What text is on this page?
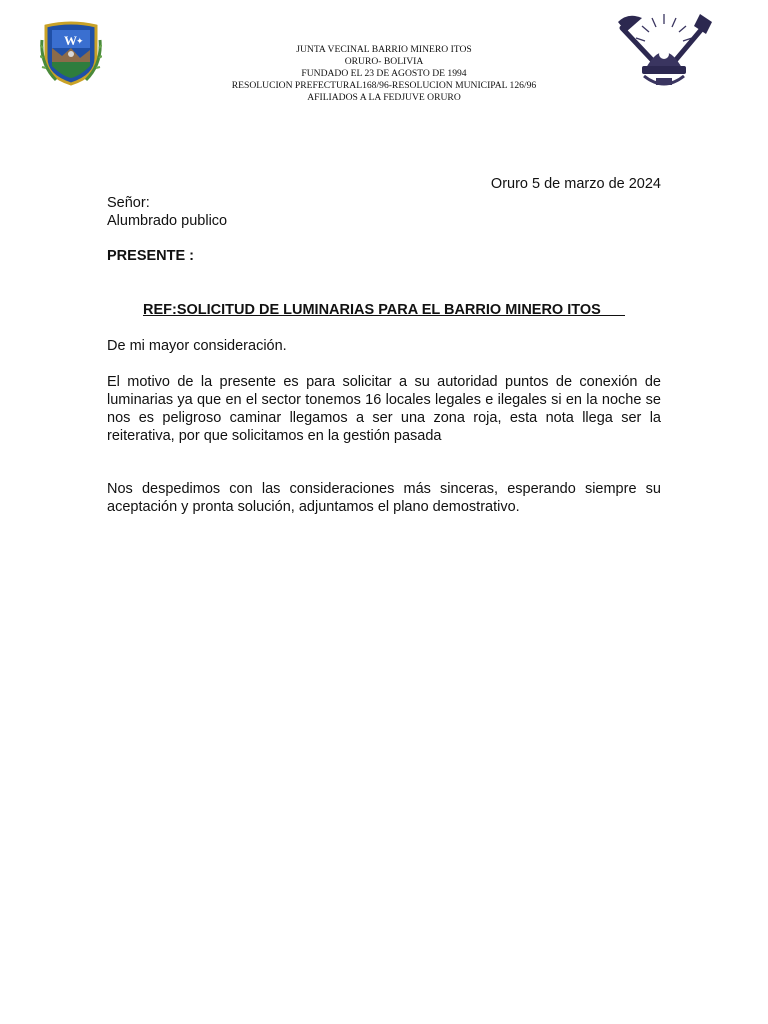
W ✦
JUNTA VECINAL BARRIO MINERO ITOS
ORURO- BOLIVIA
FUNDADO EL 23 DE AGOSTO DE 1994
RESOLUCION PREFECTURAL168/96-RESOLUCION MUNICIPAL 126/96
AFILIADOS A LA FEDJUVE ORURO
Oruro 5 de marzo de 2024
Señor:
Alumbrado publico
PRESENTE :
REF:SOLICITUD DE LUMINARIAS PARA EL BARRIO MINERO ITOS
De mi mayor consideración.
El motivo de la presente es para solicitar a su autoridad puntos de conexión de luminarias ya que en el sector tonemos 16 locales legales e ilegales si en la noche se nos es peligroso caminar llegamos a ser una zona roja, esta nota llega ser la reiterativa, por que solicitamos en la gestión pasada
Nos despedimos con las consideraciones más sinceras, esperando siempre su aceptación y pronta solución, adjuntamos el plano demostrativo.
